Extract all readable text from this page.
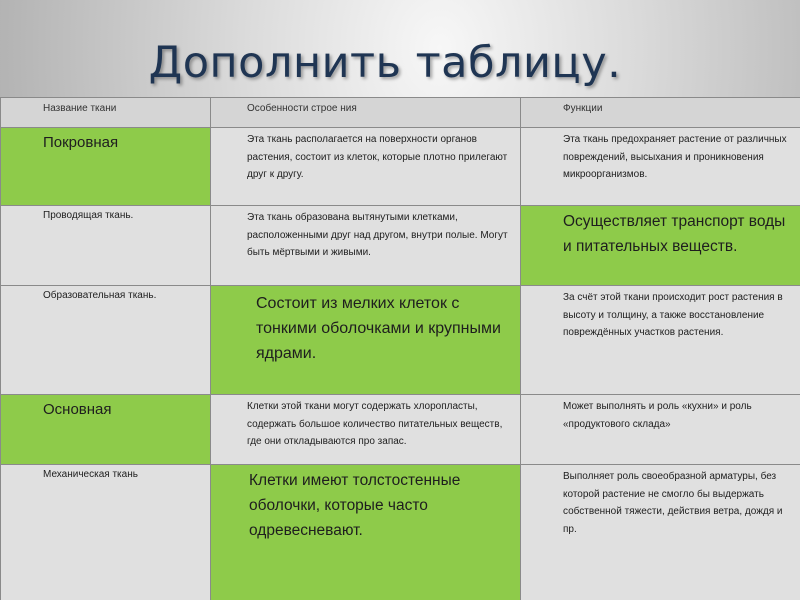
Дополнить таблицу.
Название ткани	Особенности строе ния	Функции
Покровная	Эта ткань располагается на поверхности органов растения, состоит из клеток, которые плотно прилегают друг к другу.	Эта ткань предохраняет растение от различных повреждений, высыхания и проникновения микроорганизмов.
Проводящая ткань.	Эта ткань образована вытянутыми клетками, расположенными друг над другом, внутри полые. Могут быть мёртвыми и живыми.	Осуществляет транспорт воды и питательных веществ.
Образовательная ткань.	Состоит из мелких клеток с тонкими оболочками и крупными ядрами.	За счёт этой ткани происходит рост растения в высоту и толщину, а также восстановление повреждённых участков растения.
Основная	Клетки этой ткани могут содержать хлоропласты, содержать большое количество питательных веществ, где они откладываются про запас.	Может выполнять и роль «кухни» и роль «продуктового склада»
Механическая ткань	Клетки имеют толстостенные оболочки, которые часто одревесневают.	Выполняет роль своеобразной арматуры, без которой растение не смогло бы выдержать собственной тяжести, действия ветра, дождя и пр.
